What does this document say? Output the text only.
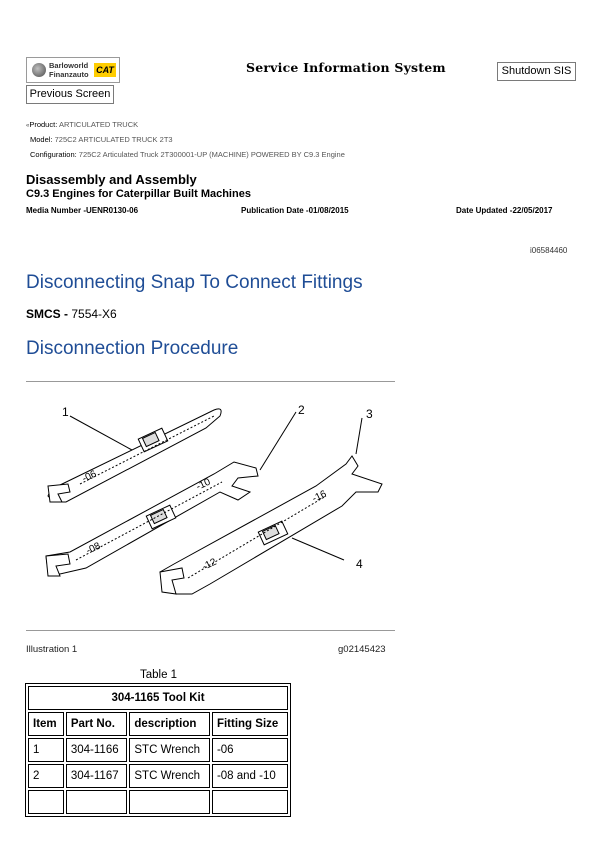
Barloworld
Finanzauto CAT	Service Information System	Shutdown SIS
Previous Screen
«Product: ARTICULATED TRUCK
Model: 725C2 ARTICULATED TRUCK 2T3
Configuration: 725C2 Articulated Truck 2T300001-UP (MACHINE) POWERED BY C9.3 Engine
Disassembly and Assembly
C9.3 Engines for Caterpillar Built Machines
Media Number -UENR0130-06	Publication Date -01/08/2015	Date Updated -22/05/2017
i06584460
Disconnecting Snap To Connect Fittings
SMCS - 7554-X6
Disconnection Procedure
1	2	3
4
-06	-10
-08
-16
-12
Illustration 1	g02145423
Table 1
304-1165 Tool Kit			
Item	Part No.	description	Fitting Size
1	304-1166	STC Wrench	-06
2	304-1167	STC Wrench	-08 and -10
